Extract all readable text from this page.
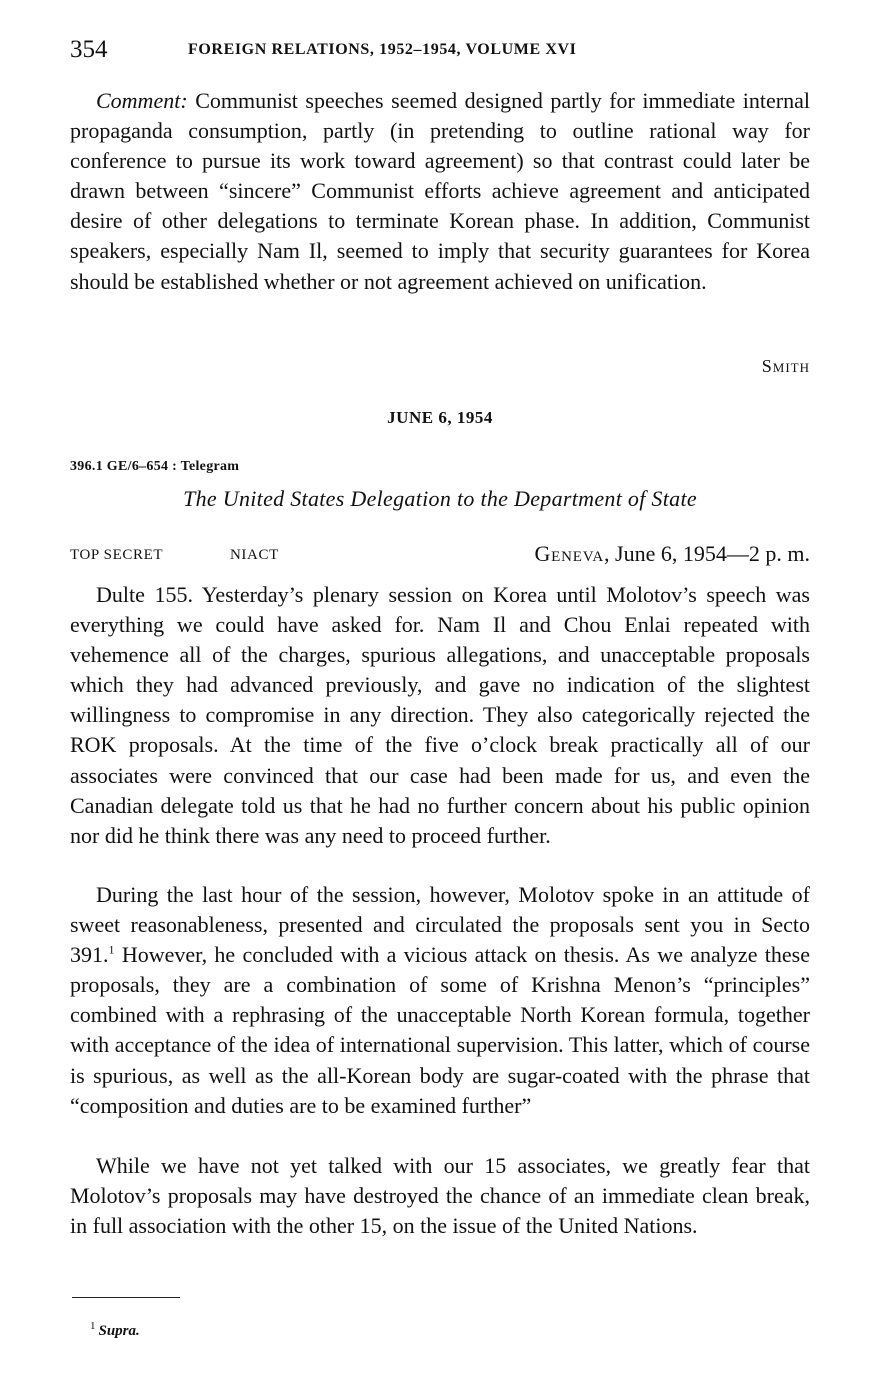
354	FOREIGN RELATIONS, 1952–1954, VOLUME XVI

Comment: Communist speeches seemed designed partly for immediate internal propaganda consumption, partly (in pretending to outline rational way for conference to pursue its work toward agreement) so that contrast could later be drawn between “sincere” Communist efforts achieve agreement and anticipated desire of other delegations to terminate Korean phase. In addition, Communist speakers, especially Nam Il, seemed to imply that security guarantees for Korea should be established whether or not agreement achieved on unification.

Smith
JUNE 6, 1954
396.1 GE/6–654 : Telegram
The United States Delegation to the Department of State
TOP SECRET	NIACT	Geneva, June 6, 1954—2 p. m.

Dulte 155. Yesterday’s plenary session on Korea until Molotov’s speech was everything we could have asked for. Nam Il and Chou Enlai repeated with vehemence all of the charges, spurious allegations, and unacceptable proposals which they had advanced previously, and gave no indication of the slightest willingness to compromise in any direction. They also categorically rejected the ROK proposals. At the time of the five o’clock break practically all of our associates were convinced that our case had been made for us, and even the Canadian delegate told us that he had no further concern about his public opinion nor did he think there was any need to proceed further.

During the last hour of the session, however, Molotov spoke in an attitude of sweet reasonableness, presented and circulated the proposals sent you in Secto 391.$^1$ However, he concluded with a vicious attack on thesis. As we analyze these proposals, they are a combination of some of Krishna Menon’s “principles” combined with a rephrasing of the unacceptable North Korean formula, together with acceptance of the idea of international supervision. This latter, which of course is spurious, as well as the all-Korean body are sugar-coated with the phrase that “composition and duties are to be examined further”

While we have not yet talked with our 15 associates, we greatly fear that Molotov’s proposals may have destroyed the chance of an immediate clean break, in full association with the other 15, on the issue of the United Nations.

$^1$ Supra.
